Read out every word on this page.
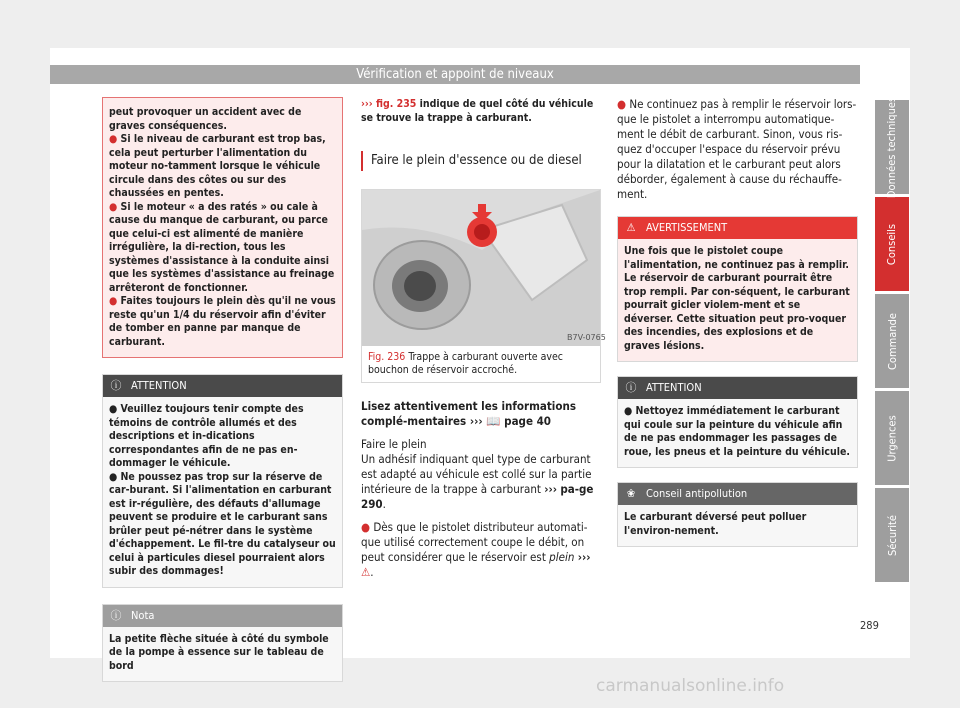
Vérification et appoint de niveaux

peut provoquer un accident avec de graves conséquences.

● Si le niveau de carburant est trop bas, cela peut perturber l'alimentation du moteur no-tamment lorsque le véhicule circule dans des côtes ou sur des chaussées en pentes.

● Si le moteur « a des ratés » ou cale à cause du manque de carburant, ou parce que celui-ci est alimenté de manière irrégulière, la di-rection, tous les systèmes d'assistance à la conduite ainsi que les systèmes d'assistance au freinage arrêteront de fonctionner.

● Faites toujours le plein dès qu'il ne vous reste qu'un 1/4 du réservoir afin d'éviter de tomber en panne par manque de carburant.

ⓘ ATTENTION

● Veuillez toujours tenir compte des témoins de contrôle allumés et des descriptions et in-dications correspondantes afin de ne pas en-dommager le véhicule.

● Ne poussez pas trop sur la réserve de car-burant. Si l'alimentation en carburant est ir-régulière, des défauts d'allumage peuvent se produire et le carburant sans brûler peut pé-nétrer dans le système d'échappement. Le fil-tre du catalyseur ou celui à particules diesel pourraient alors subir des dommages!

ⓘ Nota
La petite flèche située à côté du symbole de la pompe à essence sur le tableau de bord
››› fig. 235 indique de quel côté du véhicule se trouve la trappe à carburant.
Faire le plein d'essence ou de diesel
B7V-0765
Fig. 236 Trappe à carburant ouverte avec bouchon de réservoir accroché.

Lisez attentivement les informations complé-mentaires ››› 📖 page 40

Faire le plein

Un adhésif indiquant quel type de carburant est adapté au véhicule est collé sur la partie intérieure de la trappe à carburant ››› pa-ge 290.

● Dès que le pistolet distributeur automati-que utilisé correctement coupe le débit, on peut considérer que le réservoir est plein ››› ⚠.

● Ne continuez pas à remplir le réservoir lors-que le pistolet a interrompu automatique-ment le débit de carburant. Sinon, vous ris-quez d'occuper l'espace du réservoir prévu pour la dilatation et le carburant peut alors déborder, également à cause du réchauffe-ment.

⚠ AVERTISSEMENT
Une fois que le pistolet coupe l'alimentation, ne continuez pas à remplir. Le réservoir de carburant pourrait être trop rempli. Par con-séquent, le carburant pourrait gicler violem-ment et se déverser. Cette situation peut pro-voquer des incendies, des explosions et de graves lésions.
ⓘ ATTENTION

● Nettoyez immédiatement le carburant qui coule sur la peinture du véhicule afin de ne pas endommager les passages de roue, les pneus et la peinture du véhicule.

❀ Conseil antipollution
Le carburant déversé peut polluer l'environ-nement.
Données techniques
Conseils
Commande
Urgences
Sécurité
289
carmanualsonline.info
